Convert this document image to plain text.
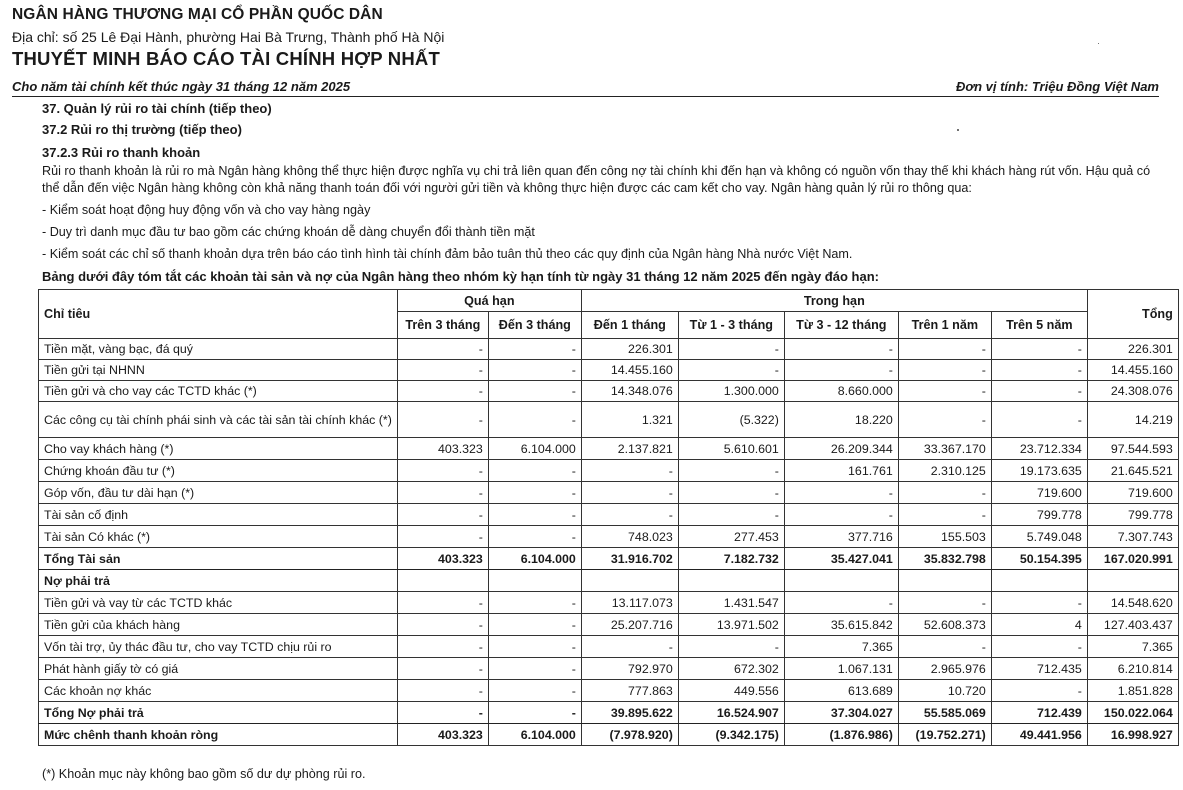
NGÂN HÀNG THƯƠNG MẠI CỔ PHẦN QUỐC DÂN
Địa chỉ: số 25 Lê Đại Hành, phường Hai Bà Trưng, Thành phố Hà Nội
THUYẾT MINH BÁO CÁO TÀI CHÍNH HỢP NHẤT
Cho năm tài chính kết thúc ngày 31 tháng 12 năm 2025	Đơn vị tính: Triệu Đồng Việt Nam
37. Quản lý rủi ro tài chính (tiếp theo)
37.2 Rủi ro thị trường (tiếp theo)
37.2.3 Rủi ro thanh khoản
Rủi ro thanh khoản là rủi ro mà Ngân hàng không thể thực hiện được nghĩa vụ chi trả liên quan đến công nợ tài chính khi đến hạn và không có nguồn vốn thay thế khi khách hàng rút vốn. Hậu quả có thể dẫn đến việc Ngân hàng không còn khả năng thanh toán đối với người gửi tiền và không thực hiện được các cam kết cho vay. Ngân hàng quản lý rủi ro thông qua:
- Kiểm soát hoạt động huy động vốn và cho vay hàng ngày
- Duy trì danh mục đầu tư bao gồm các chứng khoán dễ dàng chuyển đổi thành tiền mặt
- Kiểm soát các chỉ số thanh khoản dựa trên báo cáo tình hình tài chính đảm bảo tuân thủ theo các quy định của Ngân hàng Nhà nước Việt Nam.
Bảng dưới đây tóm tắt các khoản tài sản và nợ của Ngân hàng theo nhóm kỳ hạn tính từ ngày 31 tháng 12 năm 2025 đến ngày đáo hạn:
Chỉ tiêu	Quá hạn		Trong hạn					Tổng
	Trên 3 tháng	Đến 3 tháng	Đến 1 tháng	Từ 1 - 3 tháng	Từ 3 - 12 tháng	Trên 1 năm	Trên 5 năm	
Tiền mặt, vàng bạc, đá quý	-	-	226.301	-	-	-	-	226.301
Tiền gửi tại NHNN	-	-	14.455.160	-	-	-	-	14.455.160
Tiền gửi và cho vay các TCTD khác (*)	-	-	14.348.076	1.300.000	8.660.000	-	-	24.308.076
Các công cụ tài chính phái sinh và các tài sản tài chính khác (*)	-	-	1.321	(5.322)	18.220	-	-	14.219
Cho vay khách hàng (*)	403.323	6.104.000	2.137.821	5.610.601	26.209.344	33.367.170	23.712.334	97.544.593
Chứng khoán đầu tư (*)	-	-	-	-	161.761	2.310.125	19.173.635	21.645.521
Góp vốn, đầu tư dài hạn (*)	-	-	-	-	-	-	719.600	719.600
Tài sản cố định	-	-	-	-	-	-	799.778	799.778
Tài sản Có khác (*)	-	-	748.023	277.453	377.716	155.503	5.749.048	7.307.743
Tổng Tài sản	403.323	6.104.000	31.916.702	7.182.732	35.427.041	35.832.798	50.154.395	167.020.991
Nợ phải trả								
Tiền gửi và vay từ các TCTD khác	-	-	13.117.073	1.431.547	-	-	-	14.548.620
Tiền gửi của khách hàng	-	-	25.207.716	13.971.502	35.615.842	52.608.373	4	127.403.437
Vốn tài trợ, ủy thác đầu tư, cho vay TCTD chịu rủi ro	-	-	-	-	7.365	-	-	7.365
Phát hành giấy tờ có giá	-	-	792.970	672.302	1.067.131	2.965.976	712.435	6.210.814
Các khoản nợ khác	-	-	777.863	449.556	613.689	10.720	-	1.851.828
Tổng Nợ phải trả	-	-	39.895.622	16.524.907	37.304.027	55.585.069	712.439	150.022.064
Mức chênh thanh khoản ròng	403.323	6.104.000	(7.978.920)	(9.342.175)	(1.876.986)	(19.752.271)	49.441.956	16.998.927
(*) Khoản mục này không bao gồm số dư dự phòng rủi ro.
